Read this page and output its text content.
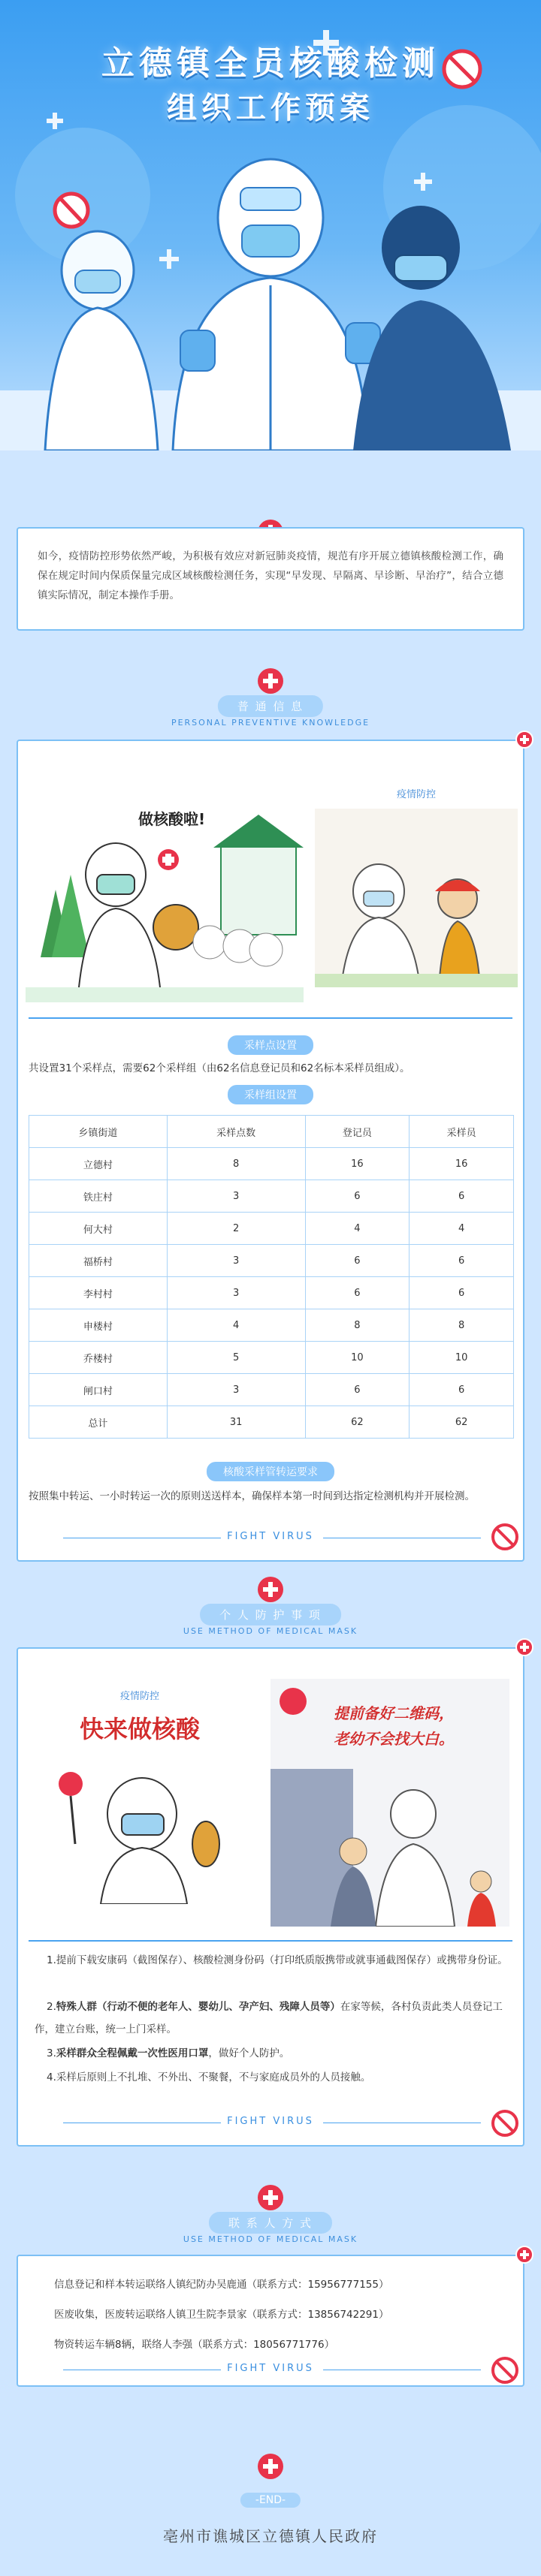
立德镇全员核酸检测
组织工作预案

如今，疫情防控形势依然严峻，为积极有效应对新冠肺炎疫情，规范有序开展立德镇核酸检测工作，确保在规定时间内保质保量完成区域核酸检测任务，实现“早发现、早隔离、早诊断、早治疗”，结合立德镇实际情况，制定本操作手册。

普 通 信 息
PERSONAL PREVENTIVE KNOWLEDGE
做核酸啦!
疫情防控
采样点设置
共设置31个采样点，需要62个采样组（由62名信息登记员和62名标本采样员组成）。
采样组设置
乡镇街道	采样点数	登记员	采样员
立德村	8	16	16
铁庄村	3	6	6
何大村	2	4	4
福桥村	3	6	6
李村村	3	6	6
申楼村	4	8	8
乔楼村	5	10	10
闸口村	3	6	6
总计	31	62	62
核酸采样管转运要求
按照集中转运、一小时转运一次的原则送送样本，确保样本第一时间到达指定检测机构并开展检测。
FIGHT VIRUS
个 人 防 护 事 项
USE METHOD OF MEDICAL MASK
疫情防控
快来做核酸
提前备好二维码，
老幼不会找大白。
1.提前下载安康码（截图保存）、核酸检测身份码（打印纸质版携带或就事通截图保存）或携带身份证。
2.特殊人群（行动不便的老年人、婴幼儿、孕产妇、残障人员等）在家等候，各村负责此类人员登记工作，建立台账，统一上门采样。
3.采样群众全程佩戴一次性医用口罩，做好个人防护。
4.采样后原则上不扎堆、不外出、不聚餐，不与家庭成员外的人员接触。
FIGHT VIRUS
联 系 人 方 式
USE METHOD OF MEDICAL MASK
信息登记和样本转运联络人镇纪防办吴鹿通（联系方式：15956777155）
医废收集，医废转运联络人镇卫生院李景家（联系方式：13856742291）
物资转运车辆8辆，联络人李强（联系方式：18056771776）
FIGHT VIRUS
-END-
亳州市谯城区立德镇人民政府
